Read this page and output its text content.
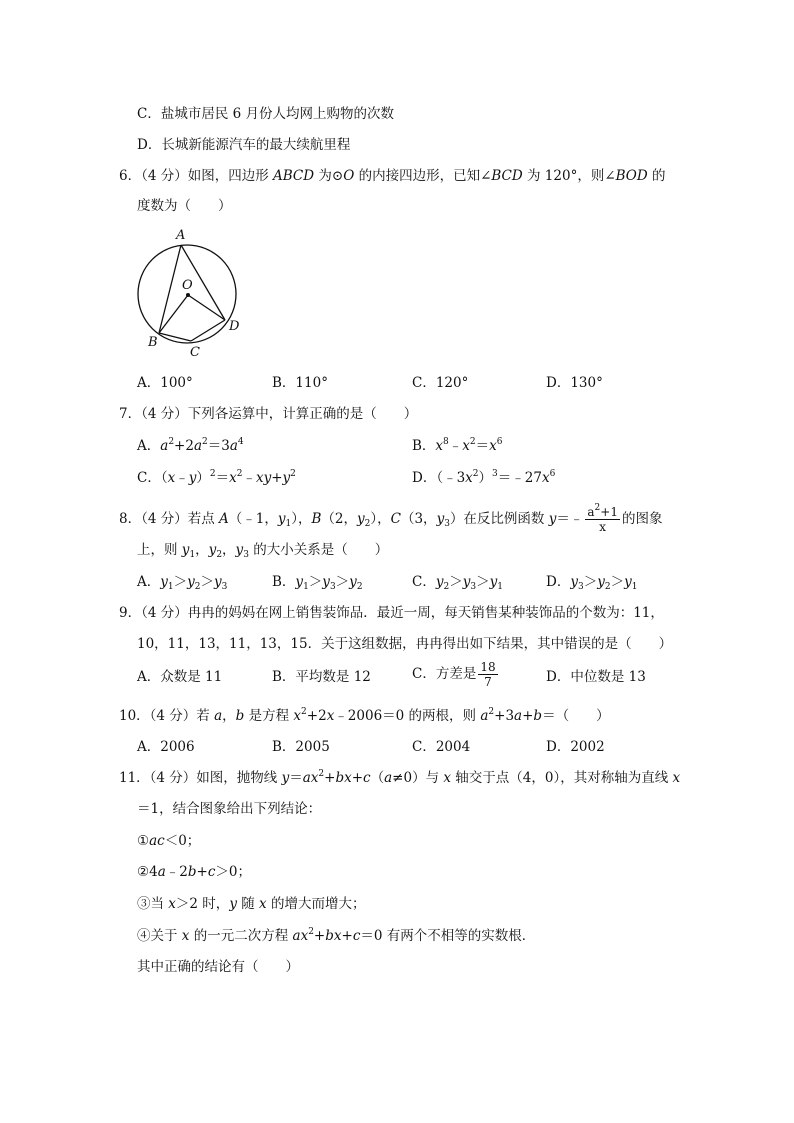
C．盐城市居民 6 月份人均网上购物的次数
D．长城新能源汽车的最大续航里程
6．（4 分）如图，四边形 ABCD 为⊙O 的内接四边形，已知∠BCD 为 120°，则∠BOD 的
度数为（　　）
A
O
B
C
D
A．100°	B．110°	C．120°	D．130°
7．（4 分）下列各运算中，计算正确的是（　　）
A．$a^2+2a^2=3a^4$	B．$x^8﹣x^2=x^6$
C．$(x﹣y)^2=x^2﹣xy+y^2$	D．$(﹣3x^2)^3=﹣27x^6$
8．（4 分）若点 A（﹣1，$y_1$），B（2，$y_2$），C（3，$y_3$）在反比例函数 y＝﹣ $\frac{a^2+1}{x}$ 的图象
上，则 $y_1$，$y_2$，$y_3$ 的大小关系是（　　）
A．$y_1>y_2>y_3$	B．$y_1>y_3>y_2$	C．$y_2>y_3>y_1$	D．$y_3>y_2>y_1$
9．（4 分）冉冉的妈妈在网上销售装饰品．最近一周，每天销售某种装饰品的个数为：11，
10，11，13，11，13，15．关于这组数据，冉冉得出如下结果，其中错误的是（　　）
A．众数是 11	B．平均数是 12	C．方差是 $\frac{18}{7}$	D．中位数是 13
10．（4 分）若 a，b 是方程 $x^2+2x﹣2006=0$ 的两根，则 $a^2+3a+b=$（　　）
A．2006	B．2005	C．2004	D．2002
11．（4 分）如图，抛物线 $y=ax^2+bx+c(a\ne 0)$与 x 轴交于点（4，0），其对称轴为直线 x
＝1，结合图象给出下列结论：
①ac＜0；
②4a﹣2b+c＞0；
③当 x＞2 时，y 随 x 的增大而增大；
④关于 x 的一元二次方程 $ax^2+bx+c=0$ 有两个不相等的实数根．
其中正确的结论有（　　）
